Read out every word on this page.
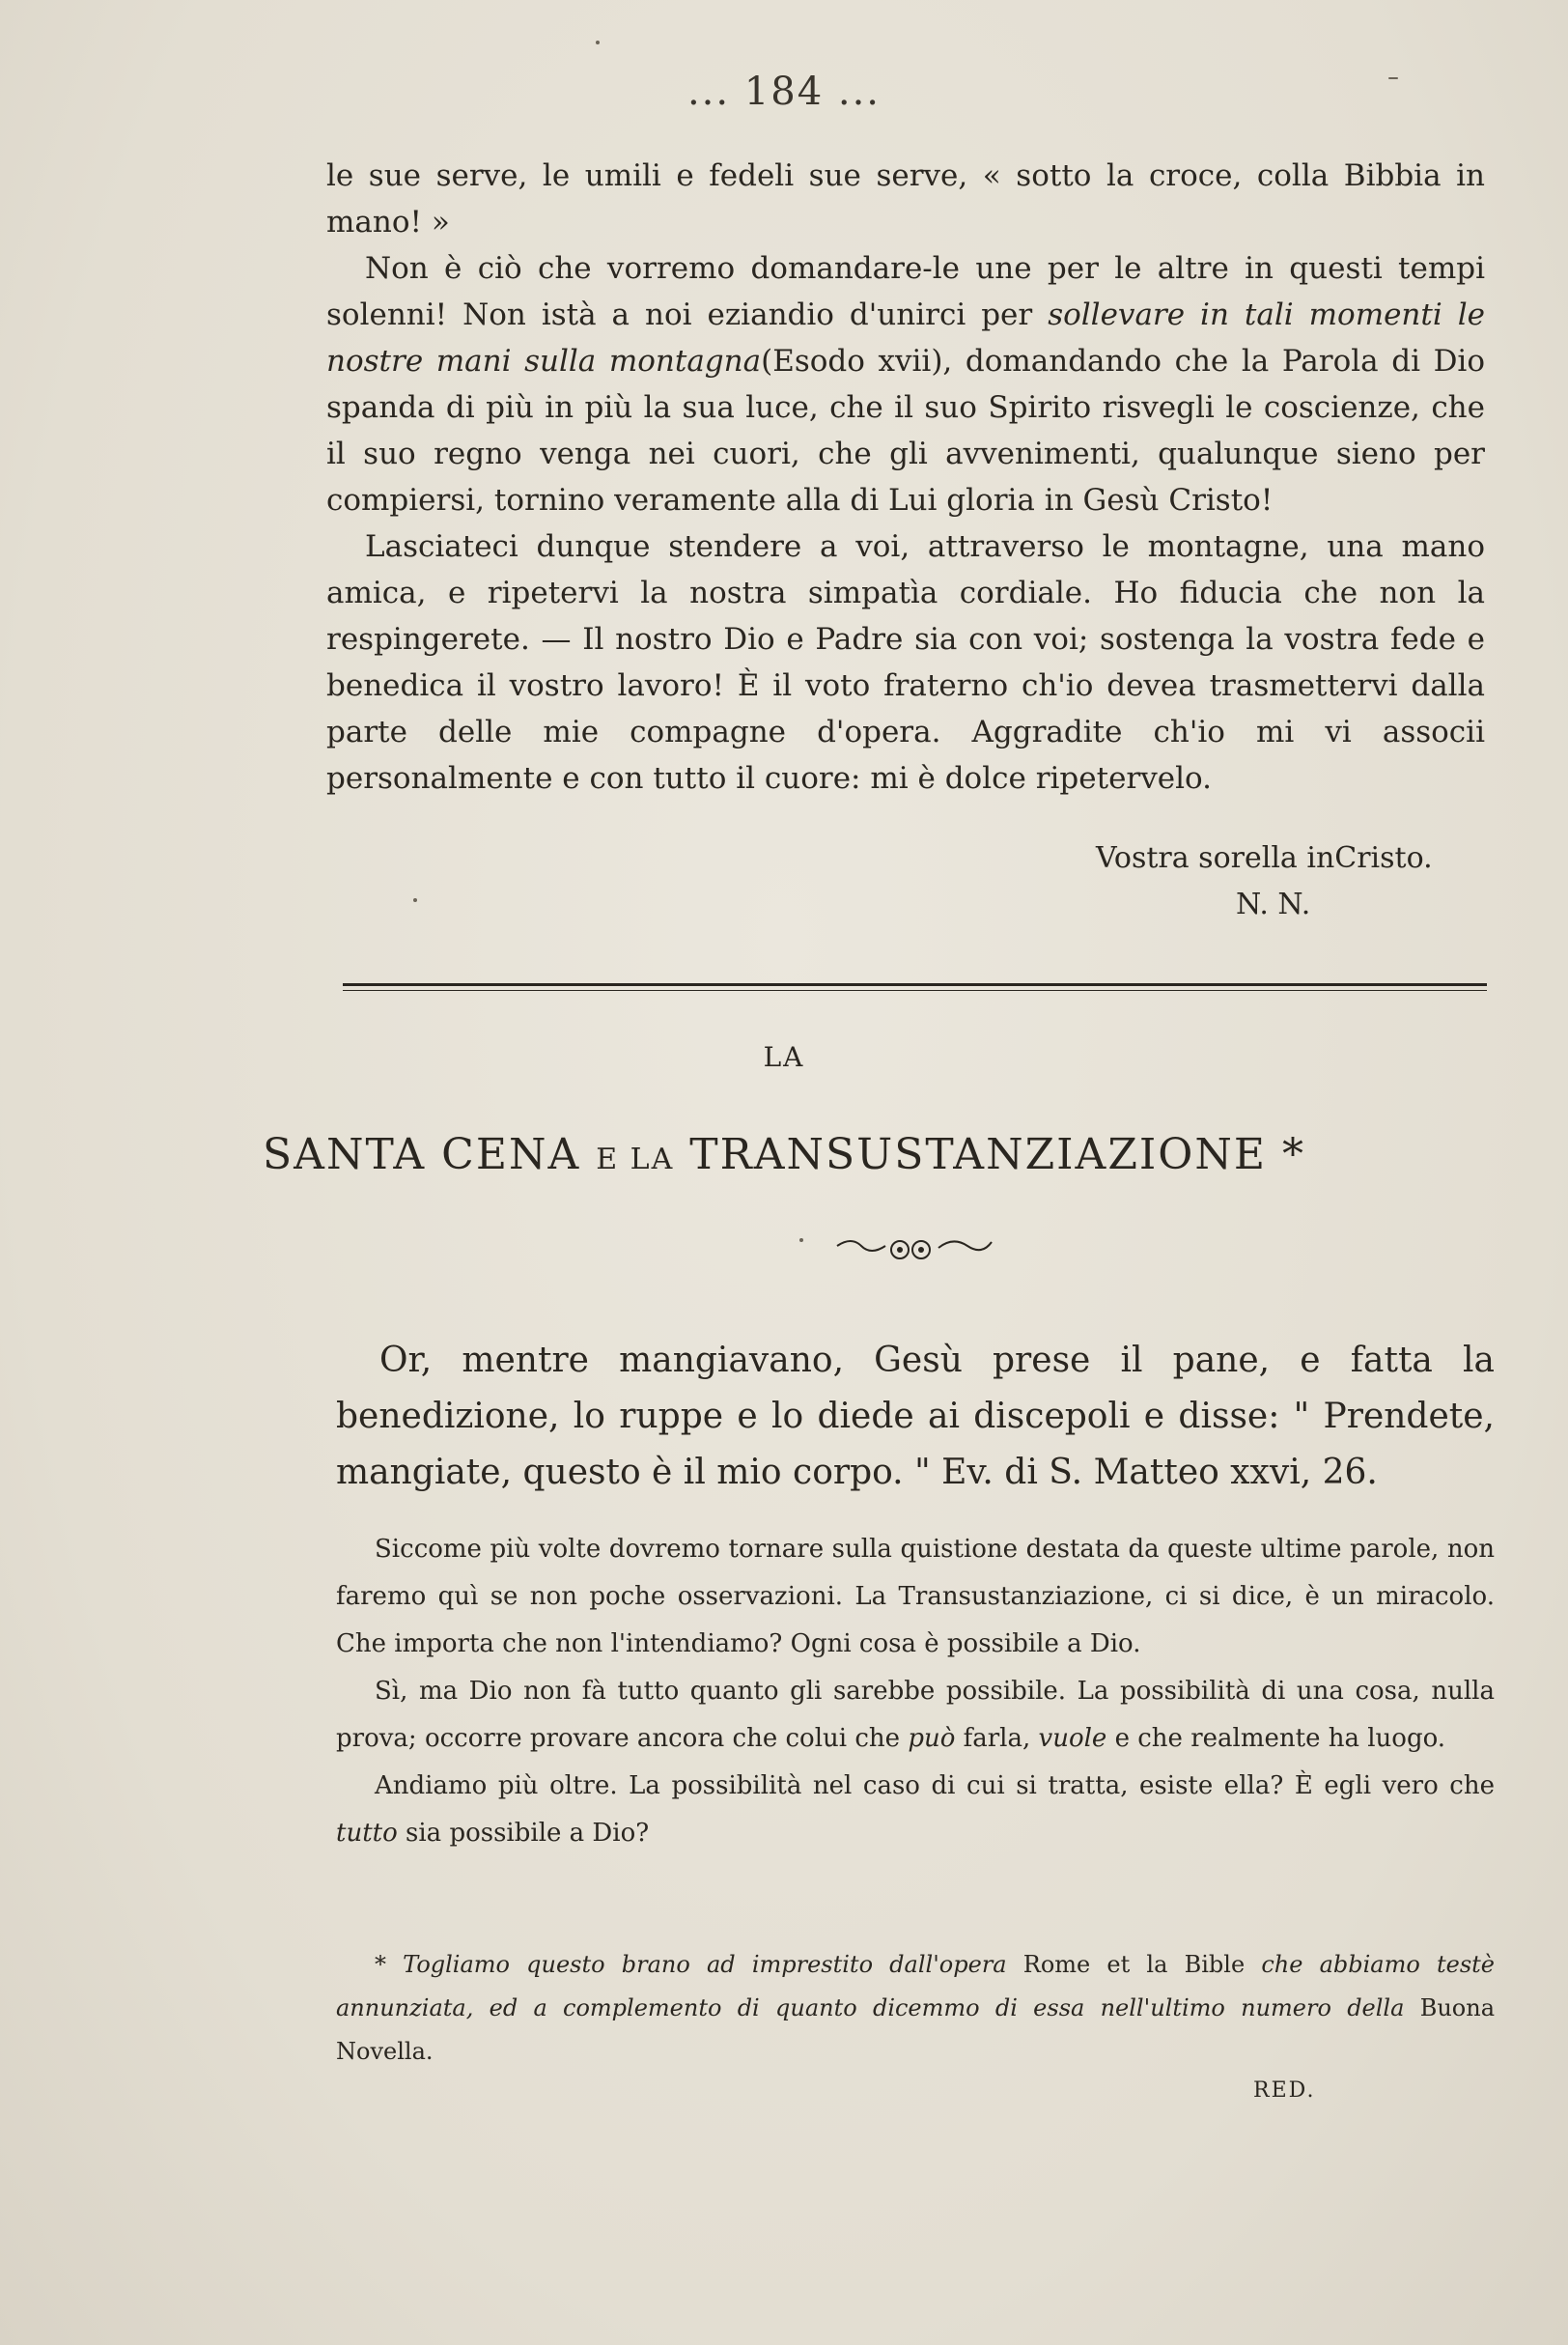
... 184 ...

le sue serve, le umili e fedeli sue serve, « sotto la croce, colla Bibbia in mano! »

Non è ciò che vorremo domandare-le une per le altre in questi tempi solenni! Non istà a noi eziandio d'unirci per sollevare in tali momenti le nostre mani sulla montagna(Esodo xvii), domandando che la Parola di Dio spanda di più in più la sua luce, che il suo Spirito risvegli le coscienze, che il suo regno venga nei cuori, che gli avvenimenti, qualunque sieno per compiersi, tornino veramente alla di Lui gloria in Gesù Cristo!

Lasciateci dunque stendere a voi, attraverso le montagne, una mano amica, e ripetervi la nostra simpatìa cordiale. Ho fiducia che non la respingerete. — Il nostro Dio e Padre sia con voi; sostenga la vostra fede e benedica il vostro lavoro! È il voto fraterno ch'io devea trasmettervi dalla parte delle mie compagne d'opera. Aggradite ch'io mi vi associi personalmente e con tutto il cuore: mi è dolce ripetervelo.

Vostra sorella inCristo.
N. N.
LA
SANTA CENA E LA TRANSUSTANZIAZIONE *

Or, mentre mangiavano, Gesù prese il pane, e fatta la benedizione, lo ruppe e lo diede ai discepoli e disse: " Prendete, mangiate, questo è il mio corpo. " Ev. di S. Matteo xxvi, 26.

Siccome più volte dovremo tornare sulla quistione destata da queste ultime parole, non faremo quì se non poche osservazioni. La Transustanziazione, ci si dice, è un miracolo. Che importa che non l'intendiamo? Ogni cosa è possibile a Dio.

Sì, ma Dio non fà tutto quanto gli sarebbe possibile. La possibilità di una cosa, nulla prova; occorre provare ancora che colui che può farla, vuole e che realmente ha luogo.

Andiamo più oltre. La possibilità nel caso di cui si tratta, esiste ella? È egli vero che tutto sia possibile a Dio?

* Togliamo questo brano ad imprestito dall'opera Rome et la Bible che abbiamo testè annunziata, ed a complemento di quanto dicemmo di essa nell'ultimo numero della Buona Novella.

RED.
